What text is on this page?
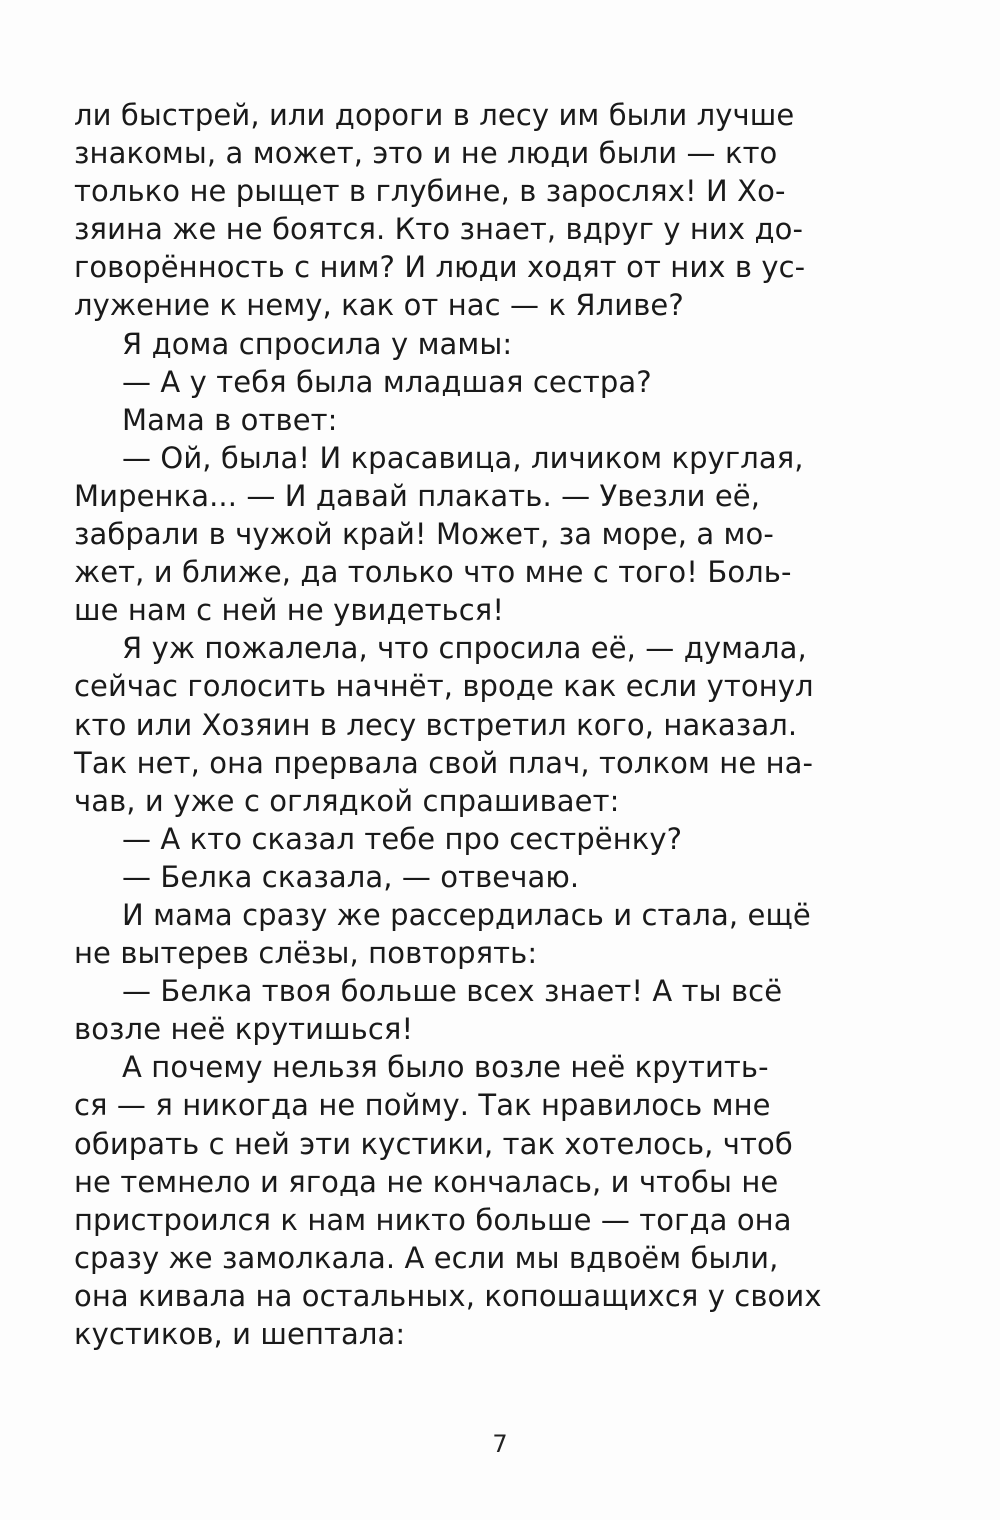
ли быстрей, или дороги в лесу им были лучше
знакомы, а может, это и не люди были — кто
только не рыщет в глубине, в зарослях! И Хо-
зяина же не боятся. Кто знает, вдруг у них до-
говорённость с ним? И люди ходят от них в ус-
лужение к нему, как от нас — к Яливе?
Я дома спросила у мамы:
— А у тебя была младшая сестра?
Мама в ответ:
— Ой, была! И красавица, личиком круглая,
Миренка... — И давай плакать. — Увезли её,
забрали в чужой край! Может, за море, а мо-
жет, и ближе, да только что мне с того! Боль-
ше нам с ней не увидеться!
Я уж пожалела, что спросила её, — думала,
сейчас голосить начнёт, вроде как если утонул
кто или Хозяин в лесу встретил кого, наказал.
Так нет, она прервала свой плач, толком не на-
чав, и уже с оглядкой спрашивает:
— А кто сказал тебе про сестрёнку?
— Белка сказала, — отвечаю.
И мама сразу же рассердилась и стала, ещё
не вытерев слёзы, повторять:
— Белка твоя больше всех знает! А ты всё
возле неё крутишься!
А почему нельзя было возле неё крутить-
ся — я никогда не пойму. Так нравилось мне
обирать с ней эти кустики, так хотелось, чтоб
не темнело и ягода не кончалась, и чтобы не
пристроился к нам никто больше — тогда она
сразу же замолкала. А если мы вдвоём были,
она кивала на остальных, копошащихся у своих
кустиков, и шептала:
7
